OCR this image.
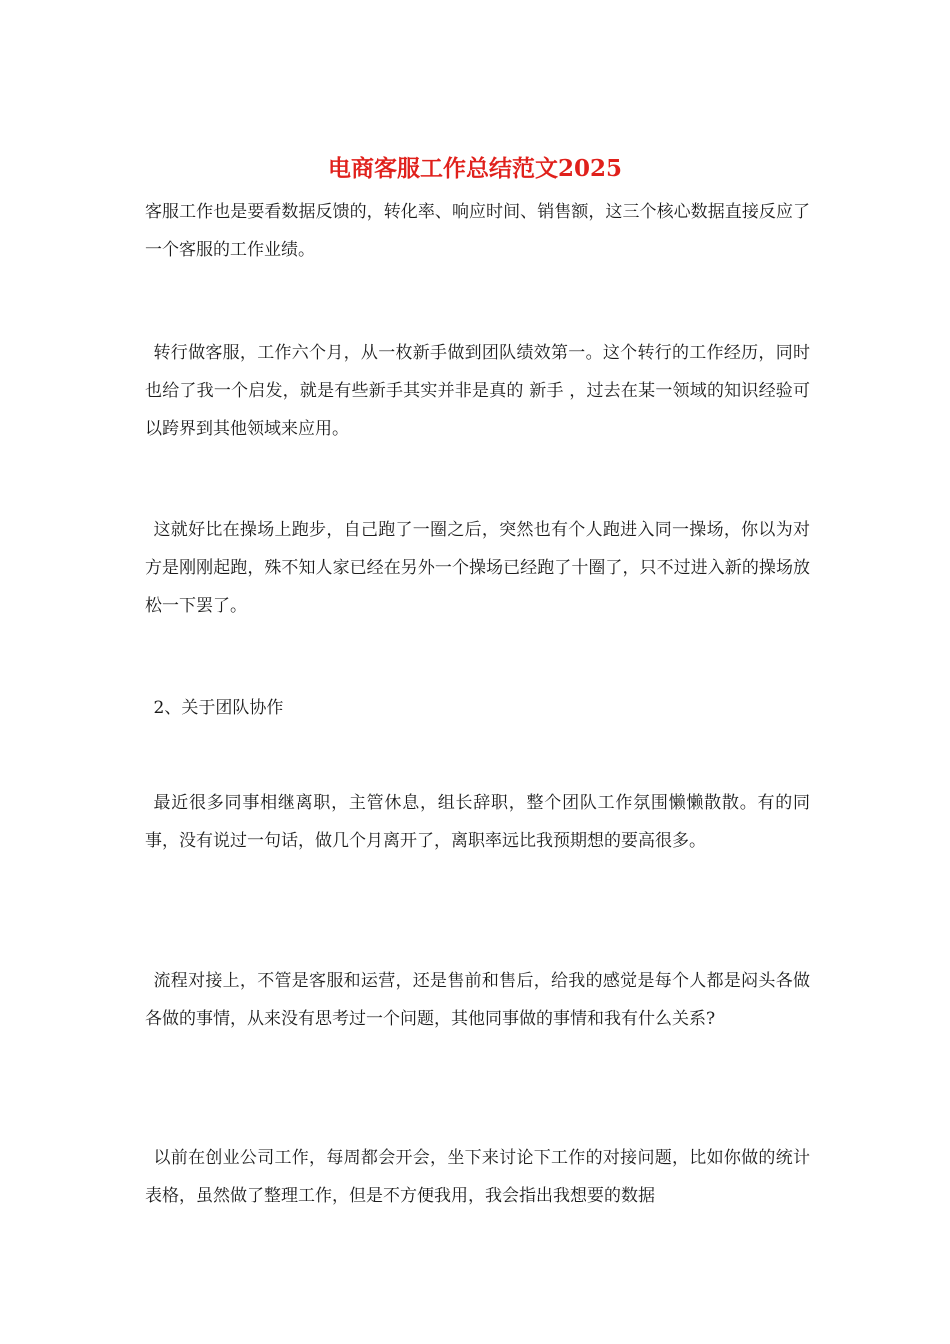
电商客服工作总结范文2025

客服工作也是要看数据反馈的，转化率、响应时间、销售额，这三个核心数据直接反应了一个客服的工作业绩。

转行做客服，工作六个月，从一枚新手做到团队绩效第一。这个转行的工作经历，同时也给了我一个启发，就是有些新手其实并非是真的 新手 ，过去在某一领域的知识经验可以跨界到其他领域来应用。

这就好比在操场上跑步，自己跑了一圈之后，突然也有个人跑进入同一操场，你以为对方是刚刚起跑，殊不知人家已经在另外一个操场已经跑了十圈了，只不过进入新的操场放松一下罢了。

2、关于团队协作

最近很多同事相继离职，主管休息，组长辞职，整个团队工作氛围懒懒散散。有的同事，没有说过一句话，做几个月离开了，离职率远比我预期想的要高很多。

流程对接上，不管是客服和运营，还是售前和售后，给我的感觉是每个人都是闷头各做各做的事情，从来没有思考过一个问题，其他同事做的事情和我有什么关系?

以前在创业公司工作，每周都会开会，坐下来讨论下工作的对接问题，比如你做的统计表格，虽然做了整理工作，但是不方便我用，我会指出我想要的数据
